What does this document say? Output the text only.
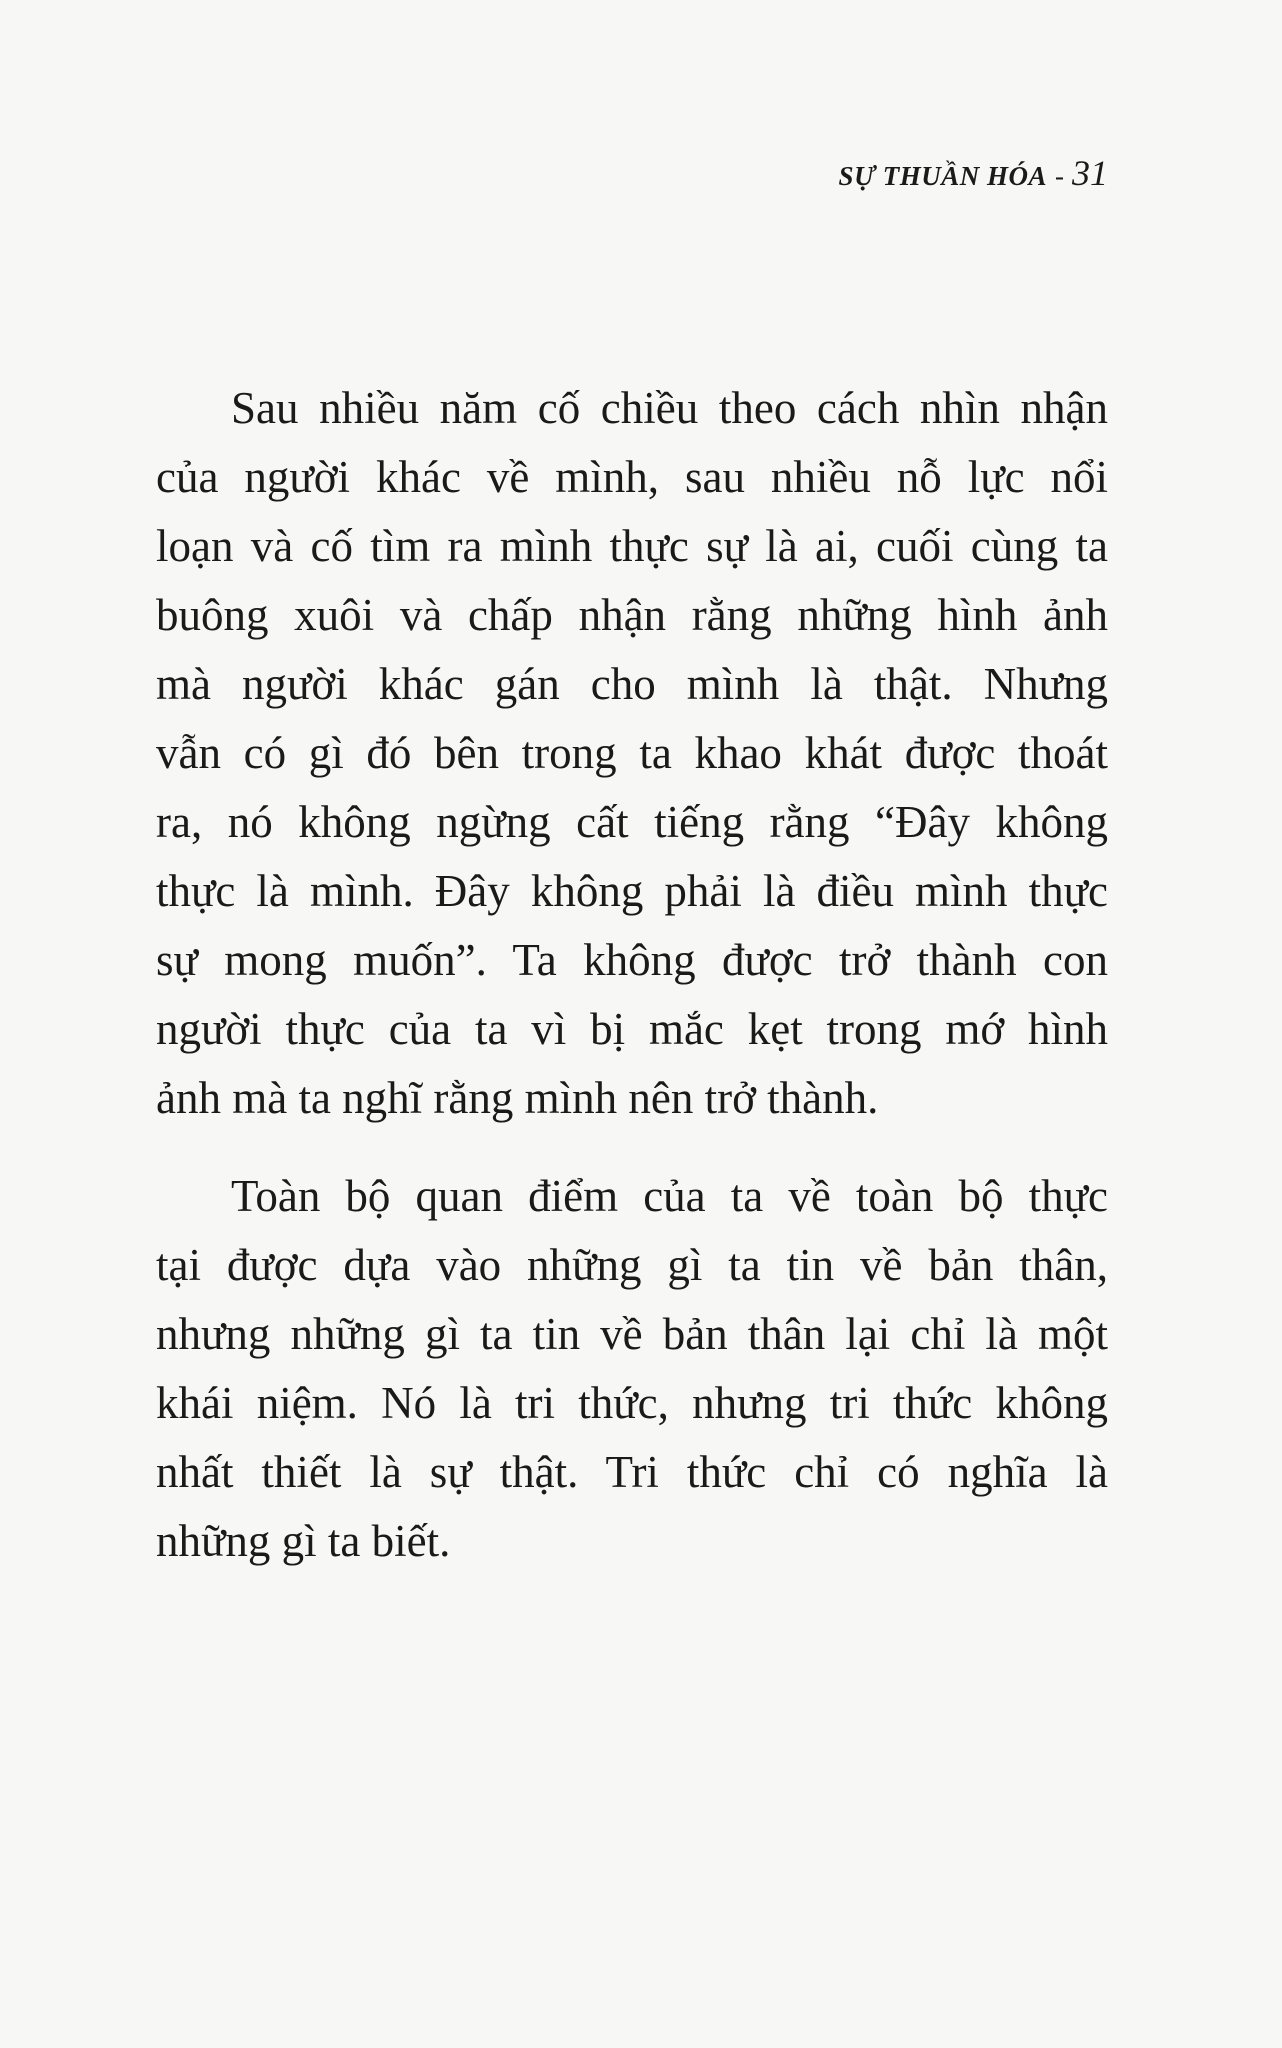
SỰ THUẦN HÓA - 31
Sau nhiều năm cố chiều theo cách nhìn nhận
của người khác về mình, sau nhiều nỗ lực nổi
loạn và cố tìm ra mình thực sự là ai, cuối cùng ta
buông xuôi và chấp nhận rằng những hình ảnh
mà người khác gán cho mình là thật. Nhưng
vẫn có gì đó bên trong ta khao khát được thoát
ra, nó không ngừng cất tiếng rằng “Đây không
thực là mình. Đây không phải là điều mình thực
sự mong muốn”. Ta không được trở thành con
người thực của ta vì bị mắc kẹt trong mớ hình
ảnh mà ta nghĩ rằng mình nên trở thành.
Toàn bộ quan điểm của ta về toàn bộ thực
tại được dựa vào những gì ta tin về bản thân,
nhưng những gì ta tin về bản thân lại chỉ là một
khái niệm. Nó là tri thức, nhưng tri thức không
nhất thiết là sự thật. Tri thức chỉ có nghĩa là
những gì ta biết.
